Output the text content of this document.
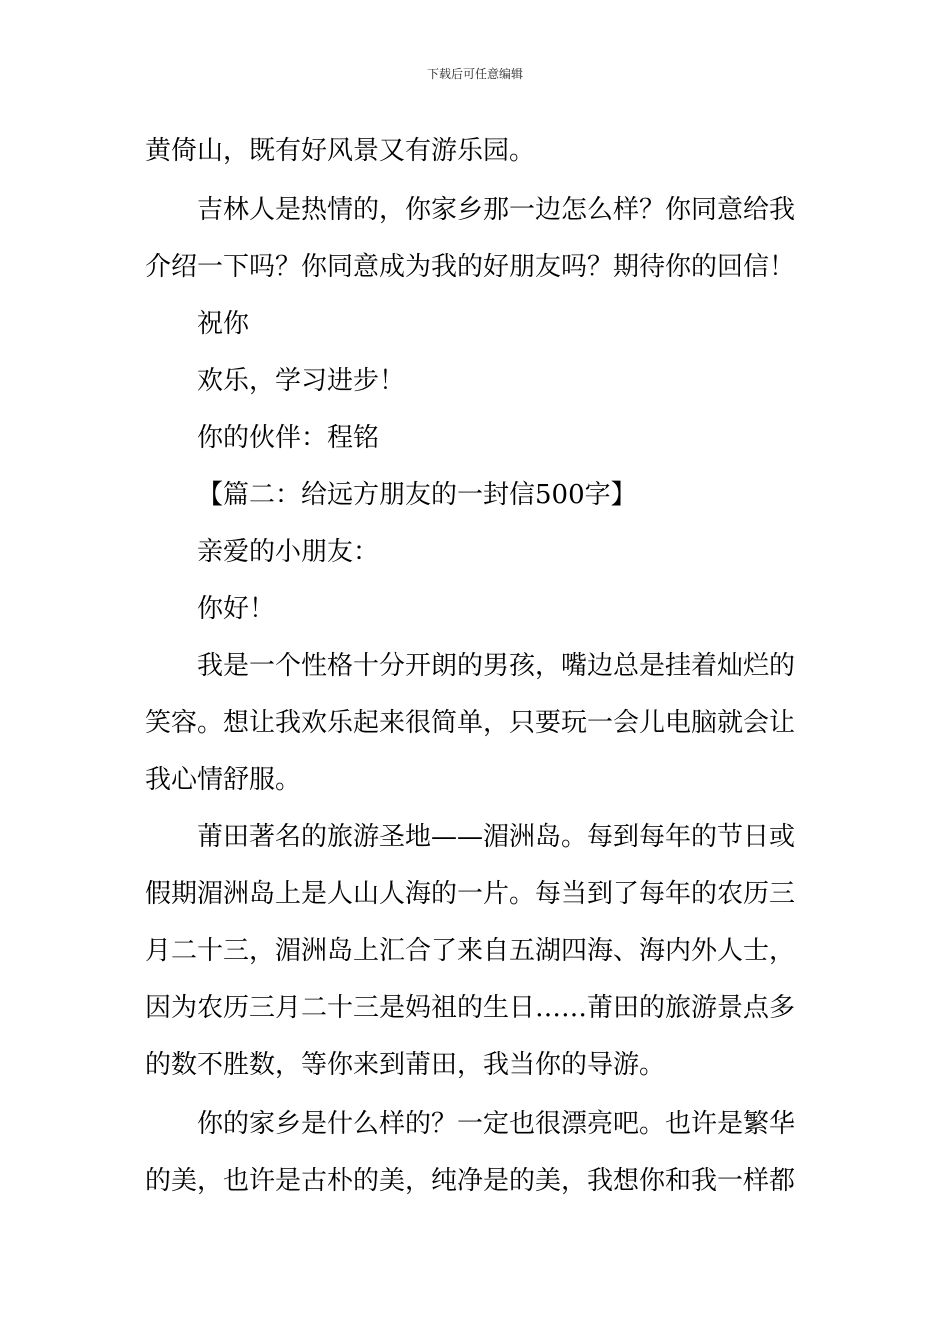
下载后可任意编辑
黄倚山，既有好风景又有游乐园。
吉林人是热情的，你家乡那一边怎么样？你同意给我
介绍一下吗？你同意成为我的好朋友吗？期待你的回信！
祝你
欢乐，学习进步！
你的伙伴：程铭
【篇二：给远方朋友的一封信500字】
亲爱的小朋友：
你好！
我是一个性格十分开朗的男孩，嘴边总是挂着灿烂的
笑容。想让我欢乐起来很简单，只要玩一会儿电脑就会让
我心情舒服。
莆田著名的旅游圣地——湄洲岛。每到每年的节日或
假期湄洲岛上是人山人海的一片。每当到了每年的农历三
月二十三，湄洲岛上汇合了来自五湖四海、海内外人士，
因为农历三月二十三是妈祖的生日……莆田的旅游景点多
的数不胜数，等你来到莆田，我当你的导游。
你的家乡是什么样的？一定也很漂亮吧。也许是繁华
的美，也许是古朴的美，纯净是的美，我想你和我一样都
